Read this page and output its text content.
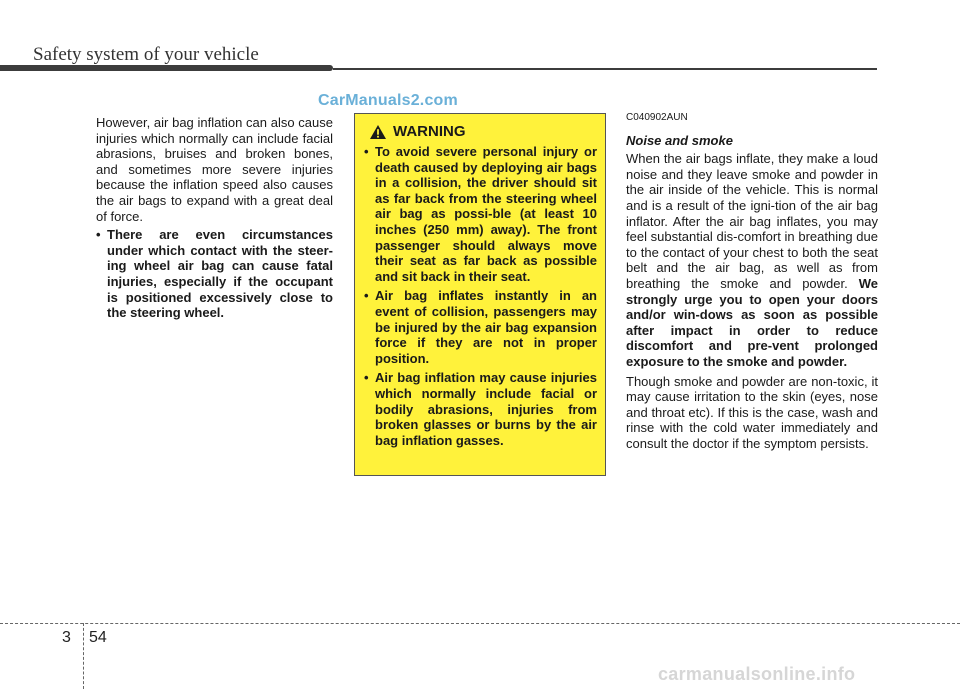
Safety system of your vehicle
CarManuals2.com

However, air bag inflation can also cause injuries which normally can include facial abrasions, bruises and broken bones, and sometimes more severe injuries because the inflation speed also causes the air bags to expand with a great deal of force.

• There are even circumstances under which contact with the steer-ing wheel air bag can cause fatal injuries, especially if the occupant is positioned excessively close to the steering wheel.
WARNING
• To avoid severe personal injury or death caused by deploying air bags in a collision, the driver should sit as far back from the steering wheel air bag as possi-ble (at least 10 inches (250 mm) away). The front passenger should always move their seat as far back as possible and sit back in their seat.
• Air bag inflates instantly in an event of collision, passengers may be injured by the air bag expansion force if they are not in proper position.
• Air bag inflation may cause injuries which normally include facial or bodily abrasions, injuries from broken glasses or burns by the air bag inflation gasses.
C040902AUN
Noise and smoke

When the air bags inflate, they make a loud noise and they leave smoke and powder in the air inside of the vehicle. This is normal and is a result of the igni-tion of the air bag inflator. After the air bag inflates, you may feel substantial dis-comfort in breathing due to the contact of your chest to both the seat belt and the air bag, as well as from breathing the smoke and powder. We strongly urge you to open your doors and/or win-dows as soon as possible after impact in order to reduce discomfort and pre-vent prolonged exposure to the smoke and powder.

Though smoke and powder are non-toxic, it may cause irritation to the skin (eyes, nose and throat etc). If this is the case, wash and rinse with the cold water immediately and consult the doctor if the symptom persists.

3 54
carmanualsonline.info
